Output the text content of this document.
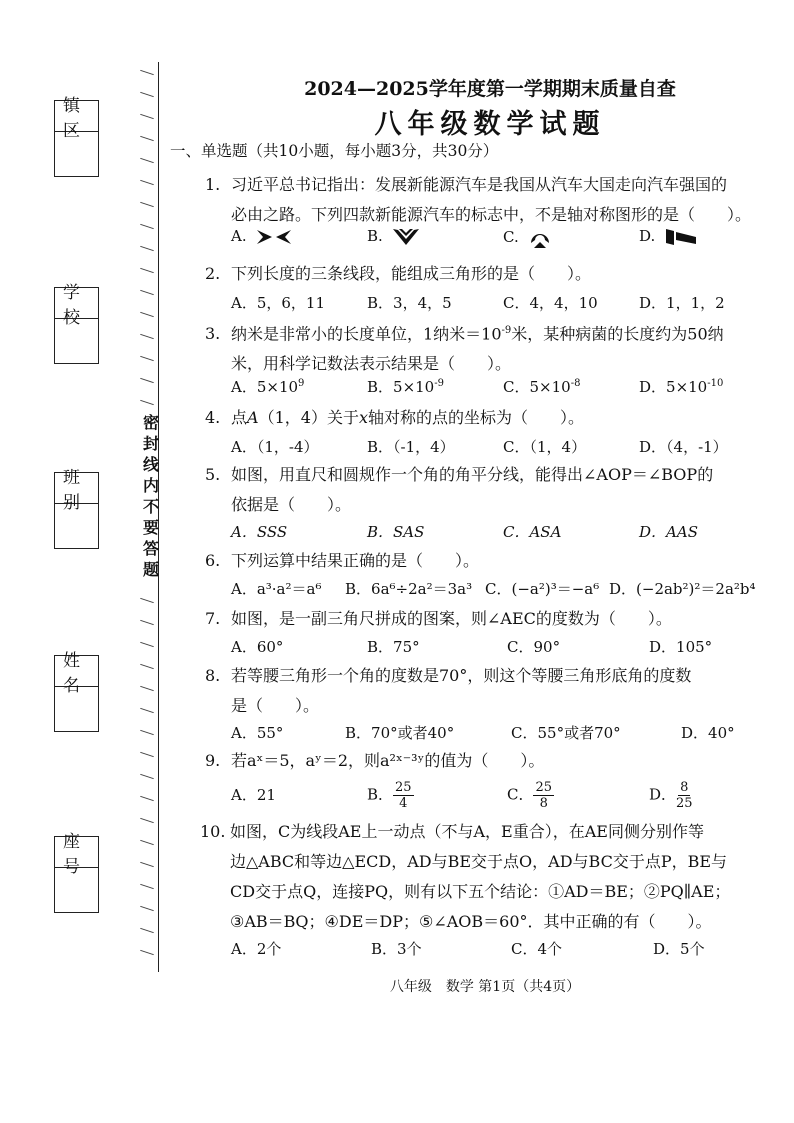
镇区
学校
班别
姓名
座号
密封线内不要答题
2024—2025学年度第一学期期末质量自查
八年级数学试题
一、单选题（共10小题，每小题3分，共30分）
1. 习近平总书记指出：发展新能源汽车是我国从汽车大国走向汽车强国的
必由之路。下列四款新能源汽车的标志中，不是轴对称图形的是（　　）。
A.	B.	C.	D.
2. 下列长度的三条线段，能组成三角形的是（　　）。
A．5，6，11	B．3，4，5	C．4，4，10	D．1，1，2
3. 纳米是非常小的长度单位，1纳米$=10^{-9}$米，某种病菌的长度约为50纳
米，用科学记数法表示结果是（　　）。
A．$5\times 10^9$	B．$5\times 10^{-9}$	C．$5\times 10^{-8}$	D．$5\times 10^{-10}$
4. 点A（1，4）关于x轴对称的点的坐标为（　　）。
A．（1，-4）	B．（-1，4）	C．（1，4）	D．（4，-1）
5. 如图，用直尺和圆规作一个角的角平分线，能得出∠AOP＝∠BOP的
依据是（　　）。
A．SSS	B．SAS	C．ASA	D．AAS
6. 下列运算中结果正确的是（　　）。
A．a³·a²＝a⁶ B．6a⁶÷2a²＝3a³ C．(−a²)³＝−a⁶ D．(−2ab²)²＝2a²b⁴
7. 如图，是一副三角尺拼成的图案，则∠AEC的度数为（　　）。
A．60°	B．75°	C．90°	D．105°
8. 若等腰三角形一个角的度数是70°，则这个等腰三角形底角的度数
是（　　）。
A．55°	B．70°或者40°	C．55°或者70°	D．40°
9. 若aˣ＝5，aʸ＝2，则a²ˣ⁻³ʸ的值为（　　）。
A．21	B． $\frac{25}{4}$	C． $\frac{25}{8}$	D． $\frac{8}{25}$
10. 如图，C为线段AE上一动点（不与A，E重合），在AE同侧分别作等
边△ABC和等边△ECD，AD与BE交于点O，AD与BC交于点P，BE与
CD交于点Q，连接PQ，则有以下五个结论：①AD＝BE；②PQ∥AE；
③AB＝BQ；④DE＝DP；⑤∠AOB＝60°．其中正确的有（　　）。
A．2个	B．3个	C．4个	D．5个
八年级　数学 第1页（共4页）
